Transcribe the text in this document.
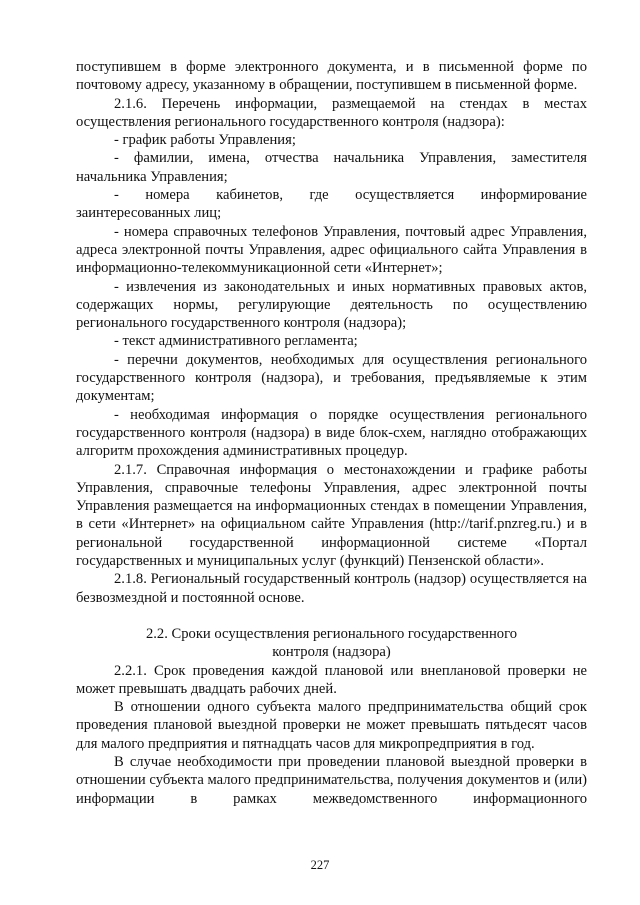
поступившем в форме электронного документа, и в письменной форме по почтовому адресу, указанному в обращении, поступившем в письменной форме.

2.1.6. Перечень информации, размещаемой на стендах в местах осуществления регионального государственного контроля (надзора):

- график работы Управления;

- фамилии, имена, отчества начальника Управления, заместителя начальника Управления;

- номера кабинетов, где осуществляется информирование заинтересованных лиц;

- номера справочных телефонов Управления, почтовый адрес Управления, адреса электронной почты Управления, адрес официального сайта Управления в информационно-телекоммуникационной сети «Интернет»;

- извлечения из законодательных и иных нормативных правовых актов, содержащих нормы, регулирующие деятельность по осуществлению регионального государственного контроля (надзора);

- текст административного регламента;

- перечни документов, необходимых для осуществления регионального государственного контроля (надзора), и требования, предъявляемые к этим документам;

- необходимая информация о порядке осуществления регионального государственного контроля (надзора) в виде блок-схем, наглядно отображающих алгоритм прохождения административных процедур.

2.1.7. Справочная информация о местонахождении и графике работы Управления, справочные телефоны Управления, адрес электронной почты Управления размещается на информационных стендах в помещении Управления, в сети «Интернет» на официальном сайте Управления (http://tarif.pnzreg.ru.) и в региональной государственной информационной системе «Портал государственных и муниципальных услуг (функций) Пензенской области».

2.1.8. Региональный государственный контроль (надзор) осуществляется на безвозмездной и постоянной основе.

2.2. Сроки осуществления регионального государственного

контроля (надзора)

2.2.1. Срок проведения каждой плановой или внеплановой проверки не может превышать двадцать рабочих дней.

В отношении одного субъекта малого предпринимательства общий срок проведения плановой выездной проверки не может превышать пятьдесят часов для малого предприятия и пятнадцать часов для микропредприятия в год.

В случае необходимости при проведении плановой выездной проверки в отношении субъекта малого предпринимательства, получения документов и (или) информации в рамках межведомственного информационного

227
